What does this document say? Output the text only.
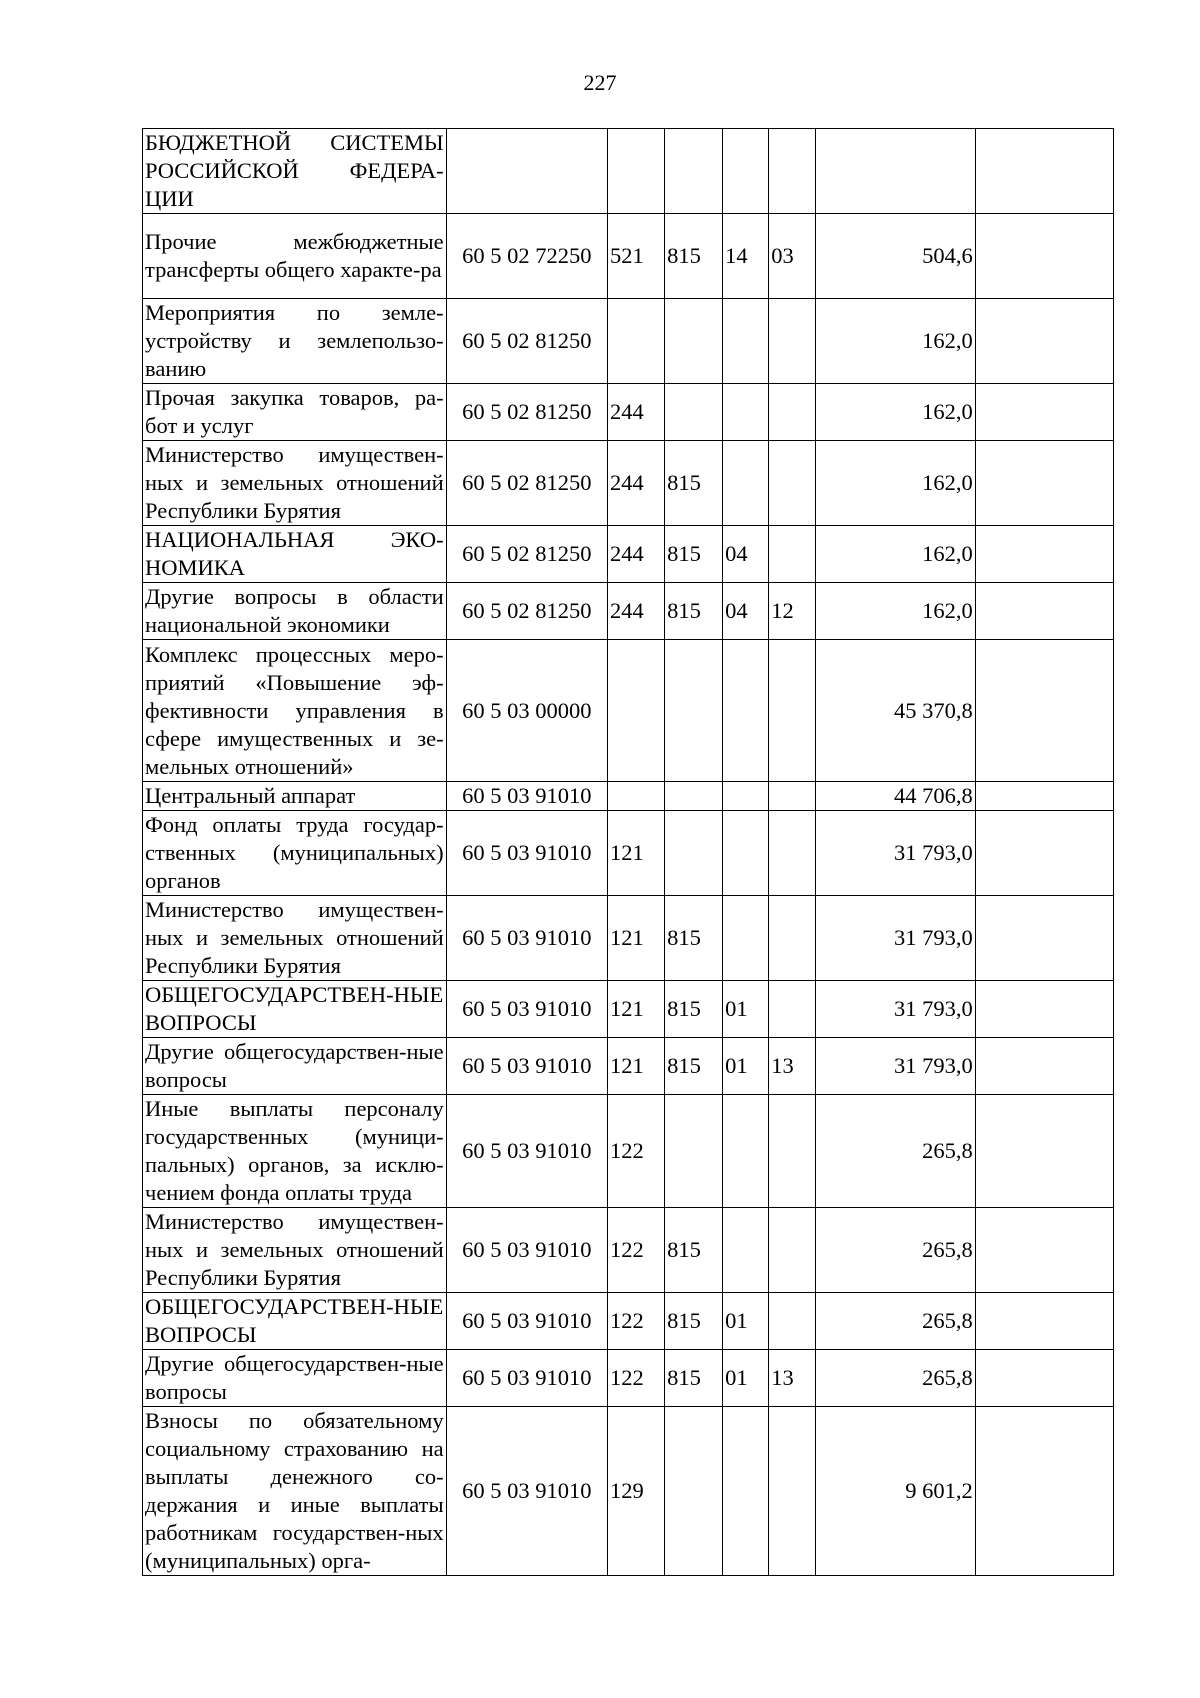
227
БЮДЖЕТНОЙ СИСТЕМЫ РОССИЙСКОЙ ФЕДЕРА-ЦИИ							
Прочие межбюджетные трансферты общего характе-ра	60 5 02 72250	521	815	14	03	504,6	
Мероприятия по земле-устройству и землепользо-ванию	60 5 02 81250					162,0	
Прочая закупка товаров, ра-бот и услуг	60 5 02 81250	244				162,0	
Министерство имуществен-ных и земельных отношений Республики Бурятия	60 5 02 81250	244	815			162,0	
НАЦИОНАЛЬНАЯ ЭКО-НОМИКА	60 5 02 81250	244	815	04		162,0	
Другие вопросы в области национальной экономики	60 5 02 81250	244	815	04	12	162,0	
Комплекс процессных меро-приятий «Повышение эф-фективности управления в сфере имущественных и зе-мельных отношений»	60 5 03 00000					45 370,8	
Центральный аппарат	60 5 03 91010					44 706,8	
Фонд оплаты труда государ-ственных (муниципальных) органов	60 5 03 91010	121				31 793,0	
Министерство имуществен-ных и земельных отношений Республики Бурятия	60 5 03 91010	121	815			31 793,0	
ОБЩЕГОСУДАРСТВЕН-НЫЕ ВОПРОСЫ	60 5 03 91010	121	815	01		31 793,0	
Другие общегосударствен-ные вопросы	60 5 03 91010	121	815	01	13	31 793,0	
Иные выплаты персоналу государственных (муници-пальных) органов, за исклю-чением фонда оплаты труда	60 5 03 91010	122				265,8	
Министерство имуществен-ных и земельных отношений Республики Бурятия	60 5 03 91010	122	815			265,8	
ОБЩЕГОСУДАРСТВЕН-НЫЕ ВОПРОСЫ	60 5 03 91010	122	815	01		265,8	
Другие общегосударствен-ные вопросы	60 5 03 91010	122	815	01	13	265,8	
Взносы по обязательному социальному страхованию на выплаты денежного со-держания и иные выплаты работникам государствен-ных (муниципальных) орга-	60 5 03 91010	129				9 601,2	
